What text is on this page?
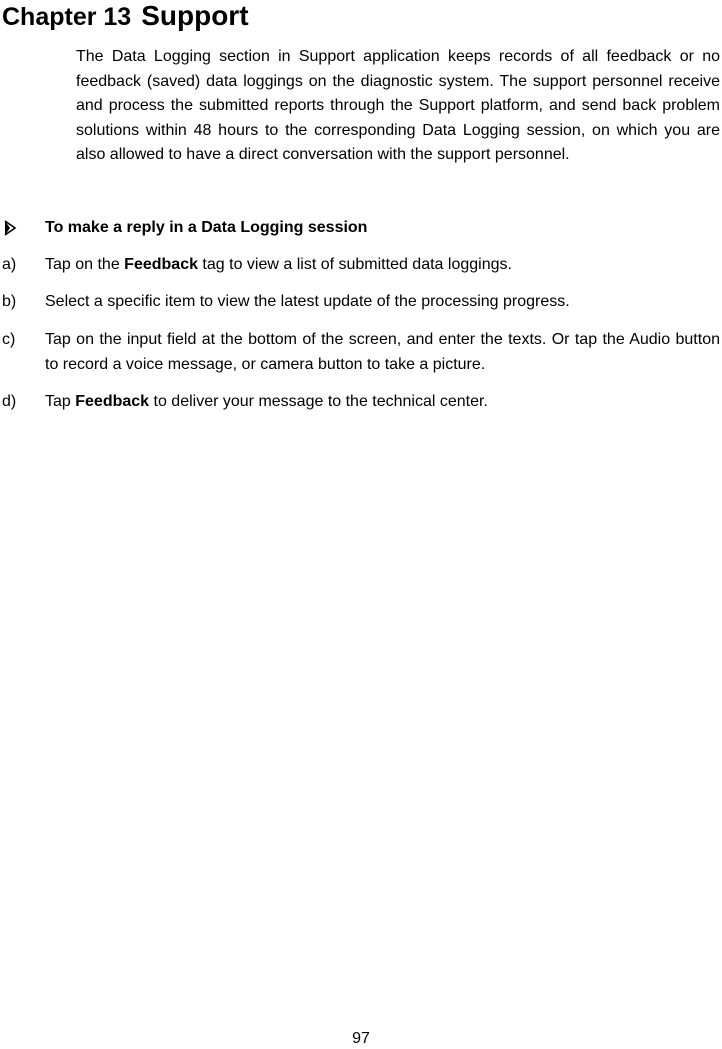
Chapter 13 Support

The Data Logging section in Support application keeps records of all feedback or no feedback (saved) data loggings on the diagnostic system. The support personnel receive and process the submitted reports through the Support platform, and send back problem solutions within 48 hours to the corresponding Data Logging session, on which you are also allowed to have a direct conversation with the support personnel.

To make a reply in a Data Logging session
a) Tap on the Feedback tag to view a list of submitted data loggings.

b) Select a specific item to view the latest update of the processing progress.

c) Tap on the input field at the bottom of the screen, and enter the texts. Or tap the Audio button to record a voice message, or camera button to take a picture.

d) Tap Feedback to deliver your message to the technical center.

97
